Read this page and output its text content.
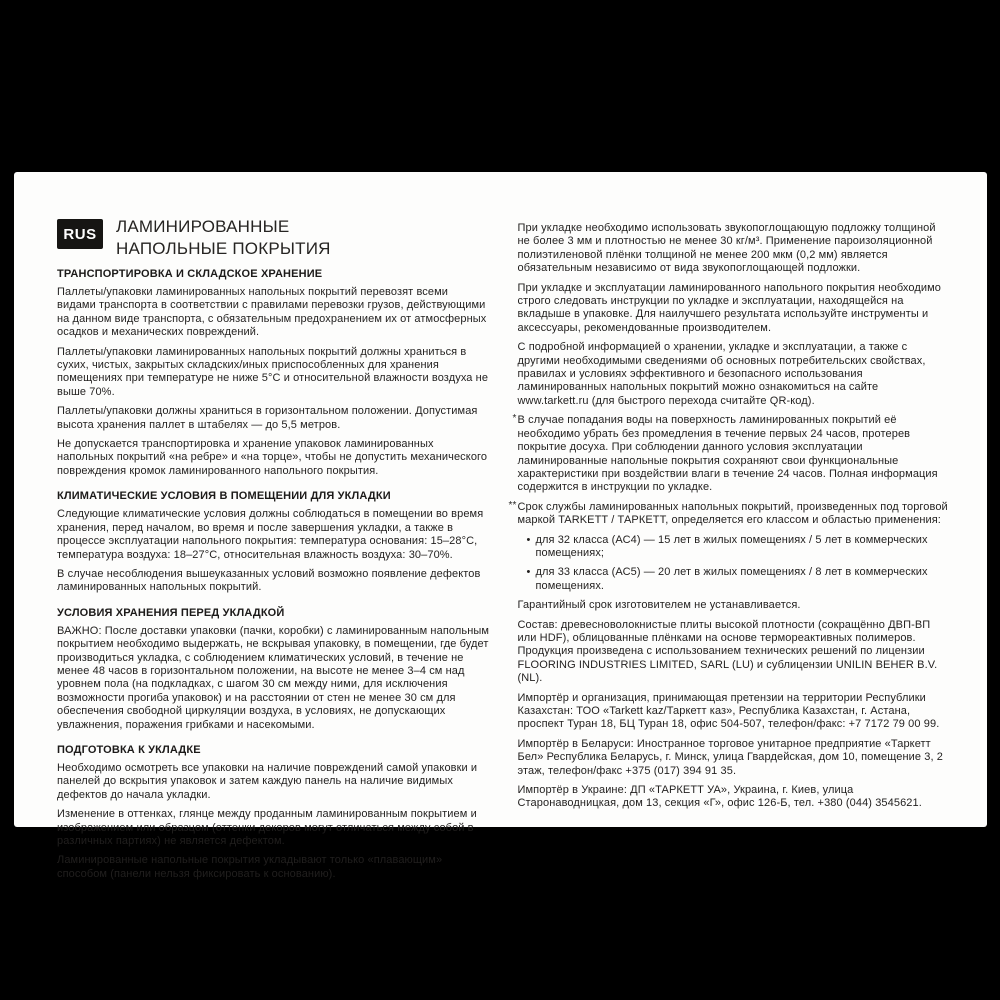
RUS ЛАМИНИРОВАННЫЕ
НАПОЛЬНЫЕ ПОКРЫТИЯ
ТРАНСПОРТИРОВКА И СКЛАДСКОЕ ХРАНЕНИЕ

Паллеты/упаковки ламинированных напольных покрытий перевозят всеми видами транспорта в соответствии с правилами перевозки грузов, действующими на данном виде транспорта, с обязательным предохранением их от атмосферных осадков и механических повреждений.

Паллеты/упаковки ламинированных напольных покрытий должны храниться в сухих, чистых, закрытых складских/иных приспособленных для хранения помещениях при температуре не ниже 5°С и относительной влажности воздуха не выше 70%.

Паллеты/упаковки должны храниться в горизонтальном положении. Допустимая высота хранения паллет в штабелях — до 5,5 метров.

Не допускается транспортировка и хранение упаковок ламинированных напольных покрытий «на ребре» и «на торце», чтобы не допустить механического повреждения кромок ламинированного напольного покрытия.

КЛИМАТИЧЕСКИЕ УСЛОВИЯ В ПОМЕЩЕНИИ ДЛЯ УКЛАДКИ

Следующие климатические условия должны соблюдаться в помещении во время хранения, перед началом, во время и после завершения укладки, а также в процессе эксплуатации напольного покрытия: температура основания: 15–28°С, температура воздуха: 18–27°С, относительная влажность воздуха: 30–70%.

В случае несоблюдения вышеуказанных условий возможно появление дефектов ламинированных напольных покрытий.

УСЛОВИЯ ХРАНЕНИЯ ПЕРЕД УКЛАДКОЙ

ВАЖНО: После доставки упаковки (пачки, коробки) с ламинированным напольным покрытием необходимо выдержать, не вскрывая упаковку, в помещении, где будет производиться укладка, с соблюдением климатических условий, в течение не менее 48 часов в горизонтальном положении, на высоте не менее 3–4 см над уровнем пола (на подкладках, с шагом 30 см между ними, для исключения возможности прогиба упаковок) и на расстоянии от стен не менее 30 см для обеспечения свободной циркуляции воздуха, в условиях, не допускающих увлажнения, поражения грибками и насекомыми.

ПОДГОТОВКА К УКЛАДКЕ

Необходимо осмотреть все упаковки на наличие повреждений самой упаковки и панелей до вскрытия упаковок и затем каждую панель на наличие видимых дефектов до начала укладки.

Изменение в оттенках, глянце между проданным ламинированным покрытием и изображением или образцом (оттенки декоров могут отличаться между собой в различных партиях) не является дефектом.

Ламинированные напольные покрытия укладывают только «плавающим» способом (панели нельзя фиксировать к основанию).

При укладке необходимо использовать звукопоглощающую подложку толщиной не более 3 мм и плотностью не менее 30 кг/м³. Применение пароизоляционной полиэтиленовой плёнки толщиной не менее 200 мкм (0,2 мм) является обязательным независимо от вида звукопоглощающей подложки.

При укладке и эксплуатации ламинированного напольного покрытия необходимо строго следовать инструкции по укладке и эксплуатации, находящейся на вкладыше в упаковке. Для наилучшего результата используйте инструменты и аксессуары, рекомендованные производителем.

С подробной информацией о хранении, укладке и эксплуатации, а также с другими необходимыми сведениями об основных потребительских свойствах, правилах и условиях эффективного и безопасного использования ламинированных напольных покрытий можно ознакомиться на сайте www.tarkett.ru (для быстрого перехода считайте QR-код).

* В случае попадания воды на поверхность ламинированных покрытий её необходимо убрать без промедления в течение первых 24 часов, протерев покрытие досуха. При соблюдении данного условия эксплуатации ламинированные напольные покрытия сохраняют свои функциональные характеристики при воздействии влаги в течение 24 часов. Полная информация содержится в инструкции по укладке.

** Срок службы ламинированных напольных покрытий, произведенных под торговой маркой TARKETT / ТАРКЕТТ, определяется его классом и областью применения:

• для 32 класса (АС4) — 15 лет в жилых помещениях / 5 лет в коммерческих помещениях;
• для 33 класса (АС5) — 20 лет в жилых помещениях / 8 лет в коммерческих помещениях.

Гарантийный срок изготовителем не устанавливается.

Состав: древесноволокнистые плиты высокой плотности (сокращённо ДВП-ВП или HDF), облицованные плёнками на основе термореактивных полимеров. Продукция произведена с использованием технических решений по лицензии FLOORING INDUSTRIES LIMITED, SARL (LU) и сублицензии UNILIN BEHER B.V. (NL).

Импортёр и организация, принимающая претензии на территории Республики Казахстан: ТОО «Tarkett kaz/Таркетт каз», Республика Казахстан, г. Астана, проспект Туран 18, БЦ Туран 18, офис 504-507, телефон/факс: +7 7172 79 00 99.

Импортёр в Беларуси: Иностранное торговое унитарное предприятие «Таркетт Бел» Республика Беларусь, г. Минск, улица Гвардейская, дом 10, помещение 3, 2 этаж, телефон/факс +375 (017) 394 91 35.

Импортёр в Украине: ДП «ТАРКЕТТ УА», Украина, г. Киев, улица Старонаводницкая, дом 13, секция «Г», офис 126-Б, тел. +380 (044) 3545621.
